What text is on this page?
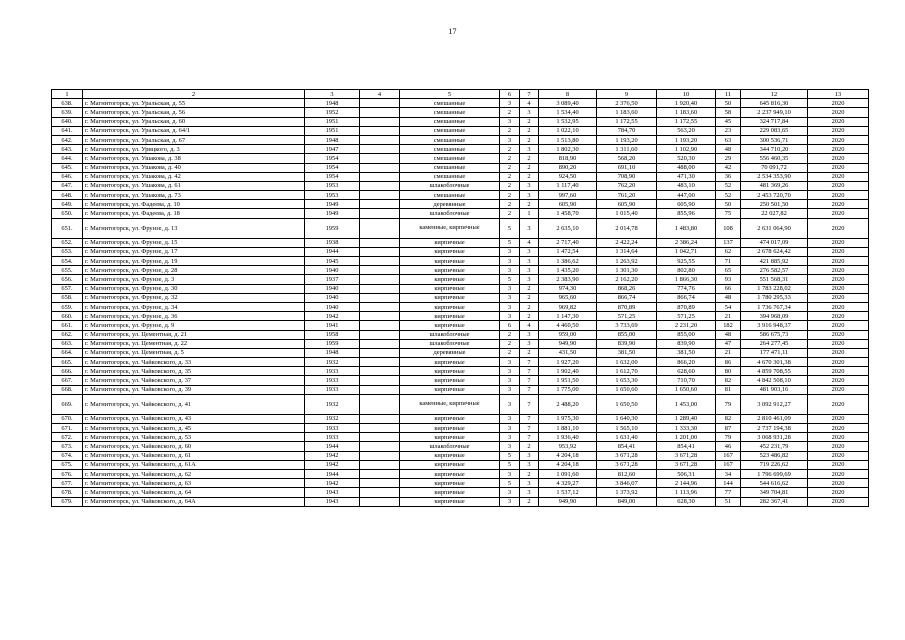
17
1	2	3	4	5	6	7	8	9	10	11	12	13
638.	г. Магнитогорск, ул. Уральская, д. 55	1948		смешанные	3	4	3 089,40	2 376,50	1 920,40	50	645 816,30	2020
639.	г. Магнитогорск, ул. Уральская, д. 56	1952		смешанные	2	3	1 534,40	1 183,60	1 183,60	58	2 237 949,10	2020
640.	г. Магнитогорск, ул. Уральская, д. 60	1951		смешанные	3	2	1 532,95	1 172,55	1 172,55	45	324 717,84	2020
641.	г. Магнитогорск, ул. Уральская, д. 64/1	1951		смешанные	2	2	1 022,10	784,70	563,20	23	229 083,65	2020
642.	г. Магнитогорск, ул. Уральская, д. 67	1948		смешанные	3	2	1 513,80	1 193,20	1 193,20	63	300 536,71	2020
643.	г. Магнитогорск, ул. Урицкого, д. 3	1947		смешанные	2	3	1 802,30	1 311,60	1 102,90	48	344 710,20	2020
644.	г. Магнитогорск, ул. Ушакова, д. 38	1954		смешанные	2	2	818,90	568,20	520,30	29	556 460,35	2020
645.	г. Магнитогорск, ул. Ушакова, д. 40	1954		смешанные	2	2	890,20	691,10	488,00	42	70 091,72	2020
646.	г. Магнитогорск, ул. Ушакова, д. 42	1954		смешанные	2	2	924,50	708,90	471,30	36	2 534 353,90	2020
647.	г. Магнитогорск, ул. Ушакова, д. 61	1953		шлакоблочные	2	3	1 117,40	762,20	483,10	52	481 369,26	2020
648.	г. Магнитогорск, ул. Ушакова, д. 73	1953		смешанные	2	3	997,60	761,20	447,00	52	2 453 720,70	2020
649.	г. Магнитогорск, ул. Фадеева, д. 10	1949		деревянные	2	2	605,90	605,90	605,90	50	250 501,50	2020
650.	г. Магнитогорск, ул. Фадеева, д. 18	1949		шлакоблочные	2	1	1 458,70	1 015,40	855,96	75	22 027,82	2020
651.	г. Магнитогорск, ул. Фрунзе, д. 13	1959		каменные, кирпичные	5	3	2 635,10	2 014,78	1 483,80	108	2 631 064,90	2020
652.	г. Магнитогорск, ул. Фрунзе, д. 15	1938		кирпичные	5	4	2 717,40	2 422,24	2 386,24	137	474 017,09	2020
653.	г. Магнитогорск, ул. Фрунзе, д. 17	1944		кирпичные	3	3	1 472,54	1 314,64	1 042,71	62	2 678 624,42	2020
654.	г. Магнитогорск, ул. Фрунзе, д. 19	1945		кирпичные	3	3	1 386,62	1 263,92	925,55	71	421 885,92	2020
655.	г. Магнитогорск, ул. Фрунзе, д. 28	1940		кирпичные	3	3	1 435,20	1 301,30	802,80	65	276 582,57	2020
656.	г. Магнитогорск, ул. Фрунзе, д. 3	1937		кирпичные	5	3	2 383,90	2 162,20	1 866,30	93	551 568,31	2020
657.	г. Магнитогорск, ул. Фрунзе, д. 30	1940		кирпичные	3	2	974,30	868,26	774,76	66	1 783 228,02	2020
658.	г. Магнитогорск, ул. Фрунзе, д. 32	1940		кирпичные	3	2	965,60	866,74	866,74	48	1 780 295,33	2020
659.	г. Магнитогорск, ул. Фрунзе, д. 34	1940		кирпичные	3	2	969,82	870,89	870,89	54	1 736 767,34	2020
660.	г. Магнитогорск, ул. Фрунзе, д. 36	1942		кирпичные	3	2	1 147,30	571,25	571,25	21	394 968,09	2020
661.	г. Магнитогорск, ул. Фрунзе, д. 9	1941		кирпичные	6	4	4 460,50	3 733,69	2 231,20	182	3 916 948,37	2020
662.	г. Магнитогорск, ул. Цементная, д. 21	1958		шлакоблочные	2	3	959,00	855,00	855,00	48	586 675,73	2020
663.	г. Магнитогорск, ул. Цементная, д. 22	1959		шлакоблочные	2	3	949,90	839,90	839,90	47	264 277,45	2020
664.	г. Магнитогорск, ул. Цементная, д. 5	1948		деревянные	2	2	431,50	381,50	381,50	21	177 471,11	2020
665.	г. Магнитогорск, ул. Чайковского, д. 33	1932		кирпичные	3	7	1 927,20	1 632,00	866,20	86	4 670 301,38	2020
666.	г. Магнитогорск, ул. Чайковского, д. 35	1933		кирпичные	3	7	1 902,40	1 612,70	628,60	80	4 859 708,55	2020
667.	г. Магнитогорск, ул. Чайковского, д. 37	1933		кирпичные	3	7	1 951,50	1 653,30	710,70	82	4 842 508,10	2020
668.	г. Магнитогорск, ул. Чайковского, д. 39	1933		кирпичные	3	7	1 775,00	1 650,60	1 650,60	81	481 903,16	2020
669.	г. Магнитогорск, ул. Чайковского, д. 41	1932		каменные, кирпичные	3	7	2 488,20	1 650,50	1 453,00	79	3 092 912,27	2020
670.	г. Магнитогорск, ул. Чайковского, д. 43	1932		кирпичные	3	7	1 975,30	1 640,30	1 289,40	82	2 810 461,09	2020
671.	г. Магнитогорск, ул. Чайковского, д. 45	1933		кирпичные	3	7	1 881,10	1 565,10	1 333,30	87	2 737 194,38	2020
672.	г. Магнитогорск, ул. Чайковского, д. 53	1933		кирпичные	3	7	1 936,40	1 631,40	1 201,00	79	3 068 931,28	2020
673.	г. Магнитогорск, ул. Чайковского, д. 60	1944		шлакоблочные	3	2	953,92	854,41	854,41	46	452 231,79	2020
674.	г. Магнитогорск, ул. Чайковского, д. 61	1942		кирпичные	5	3	4 204,18	3 671,28	3 671,28	167	523 486,82	2020
675.	г. Магнитогорск, ул. Чайковского, д. 61А	1942		кирпичные	5	3	4 204,18	3 671,28	3 671,28	167	719 226,62	2020
676.	г. Магнитогорск, ул. Чайковского, д. 62	1944		кирпичные	3	2	1 091,60	812,60	506,31	34	1 796 699,69	2020
677.	г. Магнитогорск, ул. Чайковского, д. 63	1942		кирпичные	5	3	4 329,27	3 846,07	2 144,96	144	544 616,62	2020
678.	г. Магнитогорск, ул. Чайковского, д. 64	1943		кирпичные	3	3	1 537,12	1 373,92	1 113,96	77	349 704,81	2020
679.	г. Магнитогорск, ул. Чайковского, д. 64А	1943		кирпичные	3	2	949,90	849,00	628,30	51	282 367,41	2020
